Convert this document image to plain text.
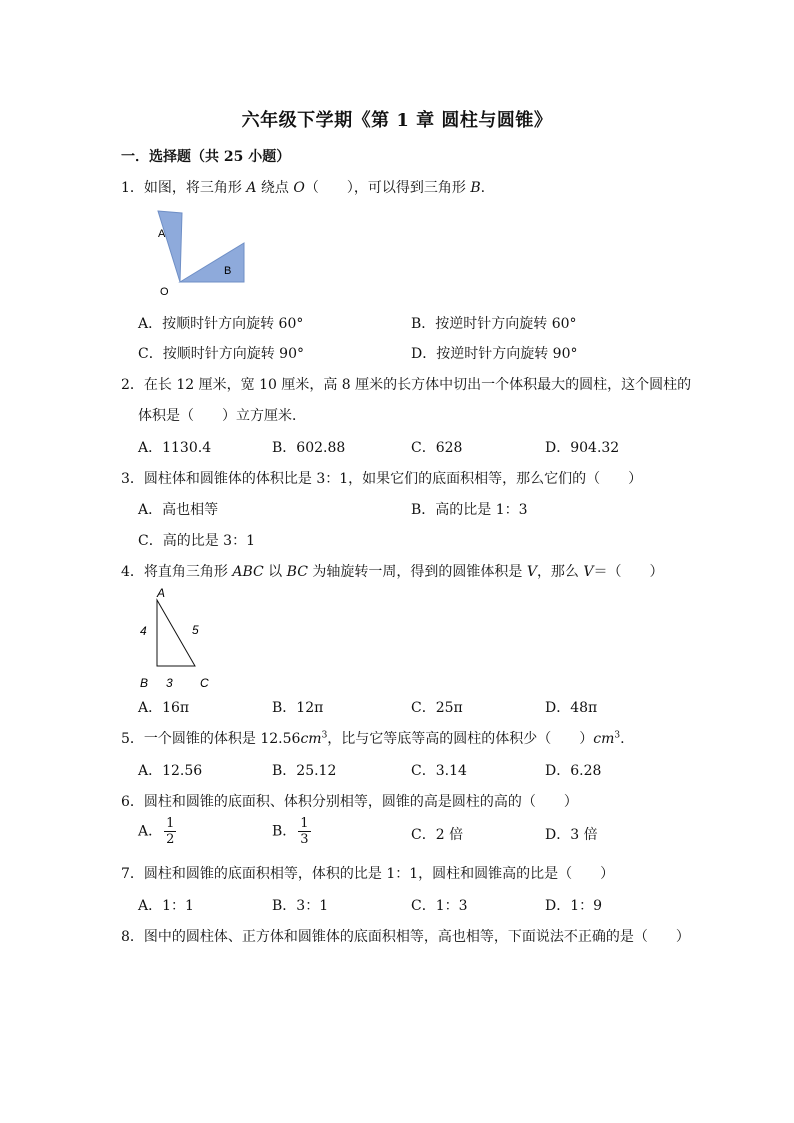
六年级下学期《第 1 章 圆柱与圆锥》
一．选择题（共 25 小题）
1．如图，将三角形 A 绕点 O（　　），可以得到三角形 B.
A
B
O
A．按顺时针方向旋转 60°	B．按逆时针方向旋转 60°
C．按顺时针方向旋转 90°	D．按逆时针方向旋转 90°
2．在长 12 厘米，宽 10 厘米，高 8 厘米的长方体中切出一个体积最大的圆柱，这个圆柱的
体积是（　　）立方厘米．
A．1130.4	B．602.88	C．628	D．904.32
3．圆柱体和圆锥体的体积比是 3：1，如果它们的底面积相等，那么它们的（　　）
A．高也相等	B．高的比是 1：3
C．高的比是 3：1
4．将直角三角形 ABC 以 BC 为轴旋转一周，得到的圆锥体积是 V，那么 V＝（　　）
A
4	5
B 3 C
A．16π	B．12π	C．25π	D．48π
5．一个圆锥的体积是 $12.56cm^3$，比与它等底等高的圆柱的体积少（　　）$cm^3$.
A．12.56	B．25.12	C．3.14	D．6.28
6．圆柱和圆锥的底面积、体积分别相等，圆锥的高是圆柱的高的（　　）
A． $\frac{1}{2}$	B． $\frac{1}{3}$	C．2 倍	D．3 倍
7．圆柱和圆锥的底面积相等，体积的比是 1：1，圆柱和圆锥高的比是（　　）
A．1：1	B．3：1	C．1：3	D．1：9
8．图中的圆柱体、正方体和圆锥体的底面积相等，高也相等，下面说法不正确的是（　　）
